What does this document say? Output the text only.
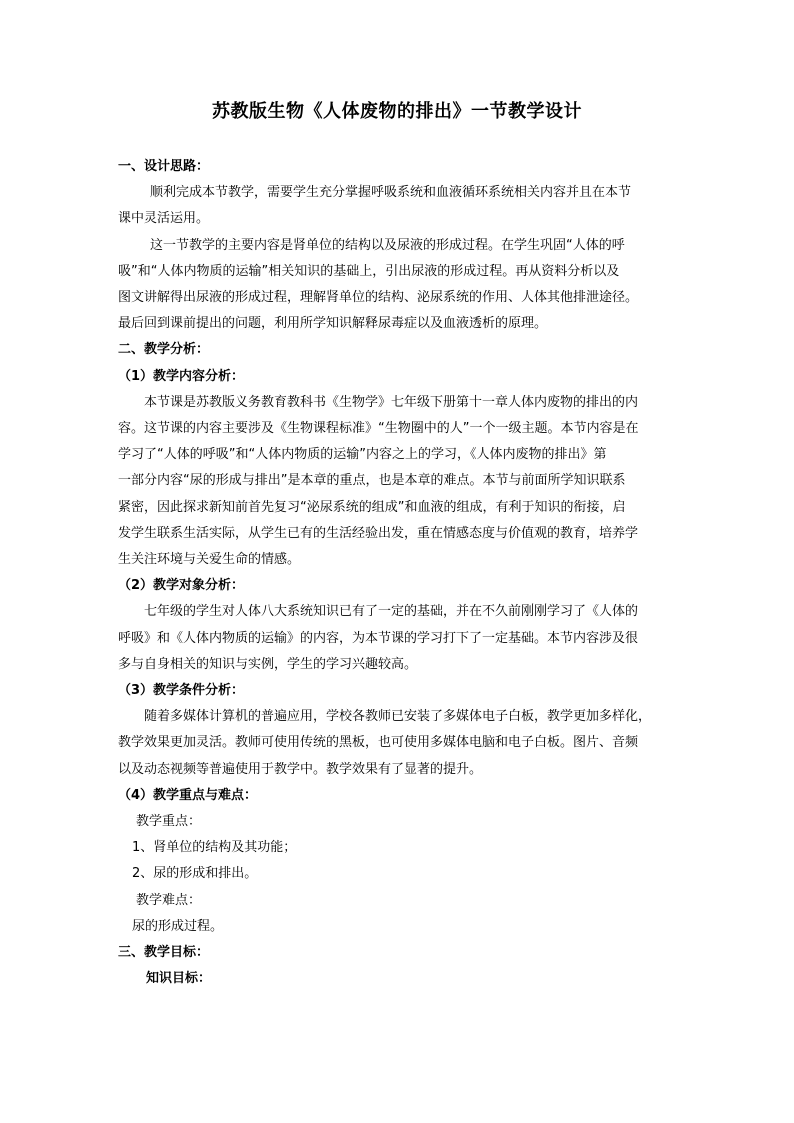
苏教版生物《人体废物的排出》一节教学设计
一、设计思路：
顺利完成本节教学，需要学生充分掌握呼吸系统和血液循环系统相关内容并且在本节
课中灵活运用。
这一节教学的主要内容是肾单位的结构以及尿液的形成过程。在学生巩固“人体的呼
吸”和“人体内物质的运输”相关知识的基础上，引出尿液的形成过程。再从资料分析以及
图文讲解得出尿液的形成过程，理解肾单位的结构、泌尿系统的作用、人体其他排泄途径。
最后回到课前提出的问题，利用所学知识解释尿毒症以及血液透析的原理。
二、教学分析：
（1）教学内容分析：
本节课是苏教版义务教育教科书《生物学》七年级下册第十一章人体内废物的排出的内
容。这节课的内容主要涉及《生物课程标准》“生物圈中的人”一个一级主题。本节内容是在
学习了“人体的呼吸”和“人体内物质的运输”内容之上的学习，《人体内废物的排出》第
一部分内容“尿的形成与排出”是本章的重点，也是本章的难点。本节与前面所学知识联系
紧密，因此探求新知前首先复习“泌尿系统的组成”和血液的组成，有利于知识的衔接，启
发学生联系生活实际，从学生已有的生活经验出发，重在情感态度与价值观的教育，培养学
生关注环境与关爱生命的情感。
（2）教学对象分析：
七年级的学生对人体八大系统知识已有了一定的基础，并在不久前刚刚学习了《人体的
呼吸》和《人体内物质的运输》的内容，为本节课的学习打下了一定基础。本节内容涉及很
多与自身相关的知识与实例，学生的学习兴趣较高。
（3）教学条件分析：
随着多媒体计算机的普遍应用，学校各教师已安装了多媒体电子白板，教学更加多样化，
教学效果更加灵活。教师可使用传统的黑板，也可使用多媒体电脑和电子白板。图片、音频
以及动态视频等普遍使用于教学中。教学效果有了显著的提升。
（4）教学重点与难点：
教学重点：
1、肾单位的结构及其功能；
2、尿的形成和排出。
教学难点：
尿的形成过程。
三、教学目标：
知识目标：
